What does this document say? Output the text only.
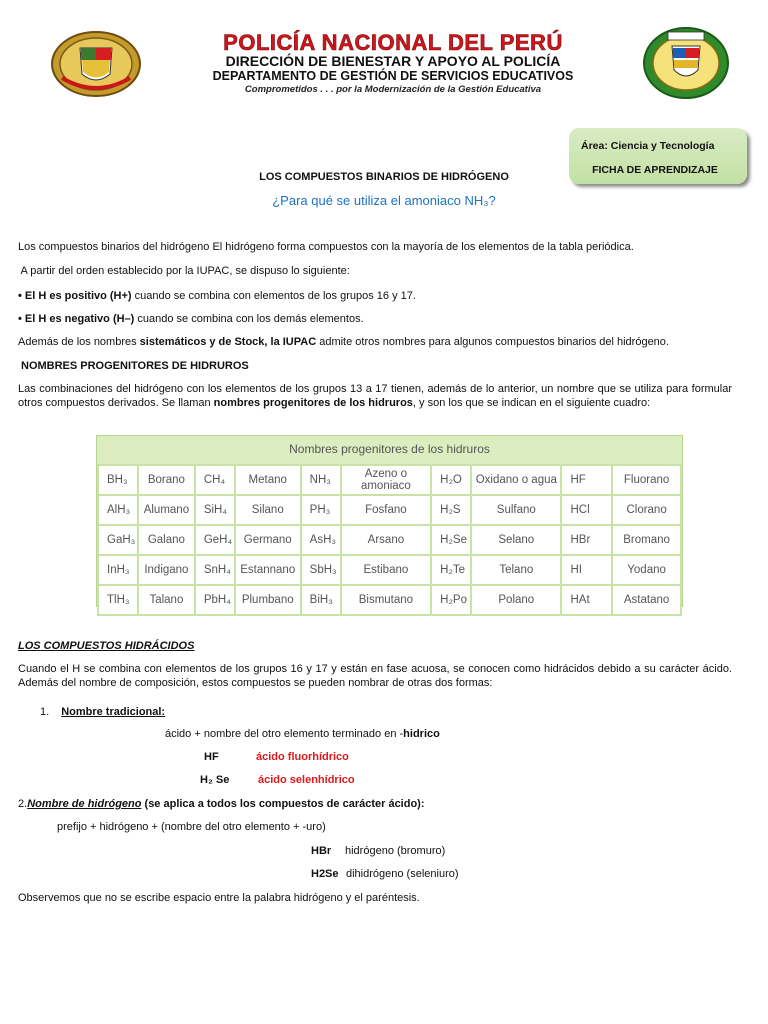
POLICÍA NACIONAL DEL PERÚ
DIRECCIÓN DE BIENESTAR Y APOYO AL POLICÍA
DEPARTAMENTO DE GESTIÓN DE SERVICIOS EDUCATIVOS
Comprometidos . . . por la Modernización de la Gestión Educativa
Área: Ciencia y Tecnología
FICHA DE APRENDIZAJE
LOS COMPUESTOS BINARIOS DE HIDRÓGENO
¿Para qué se utiliza el amoniaco NH₃?
Los compuestos binarios del hidrógeno El hidrógeno forma compuestos con la mayoría de los elementos de la tabla periódica.
A partir del orden establecido por la IUPAC, se dispuso lo siguiente:
• El H es positivo (H+) cuando se combina con elementos de los grupos 16 y 17.
• El H es negativo (H–) cuando se combina con los demás elementos.
Además de los nombres sistemáticos y de Stock, la IUPAC admite otros nombres para algunos compuestos binarios del hidrógeno.
NOMBRES PROGENITORES DE HIDRUROS
Las combinaciones del hidrógeno con los elementos de los grupos 13 a 17 tienen, además de lo anterior, un nombre que se utiliza para formular otros compuestos derivados. Se llaman nombres progenitores de los hidruros, y son los que se indican en el siguiente cuadro:
Nombres progenitores de los hidruros
BH₃	Borano	CH₄	Metano	NH₃	Azeno o amoniaco	H₂O	Oxidano o agua	HF	Fluorano
AlH₃	Alumano	SiH₄	Silano	PH₃	Fosfano	H₂S	Sulfano	HCl	Clorano
GaH₃	Galano	GeH₄	Germano	AsH₃	Arsano	H₂Se	Selano	HBr	Bromano
InH₃	Indigano	SnH₄	Estannano	SbH₃	Estibano	H₂Te	Telano	HI	Yodano
TlH₃	Talano	PbH₄	Plumbano	BiH₃	Bismutano	H₂Po	Polano	HAt	Astatano
LOS COMPUESTOS HIDRÁCIDOS
Cuando el H se combina con elementos de los grupos 16 y 17 y están en fase acuosa, se conocen como hidrácidos debido a su carácter ácido. Además del nombre de composición, estos compuestos se pueden nombrar de otras dos formas:
1. Nombre tradicional:
ácido + nombre del otro elemento terminado en -hidrico
HF	ácido fluorhídrico
H₂ Se	ácido selenhídrico
2.Nombre de hidrógeno (se aplica a todos los compuestos de carácter ácido):
prefijo + hidrógeno + (nombre del otro elemento + -uro)
HBr hidrógeno (bromuro)
H2Se dihidrógeno (seleniuro)
Observemos que no se escribe espacio entre la palabra hidrógeno y el paréntesis.
